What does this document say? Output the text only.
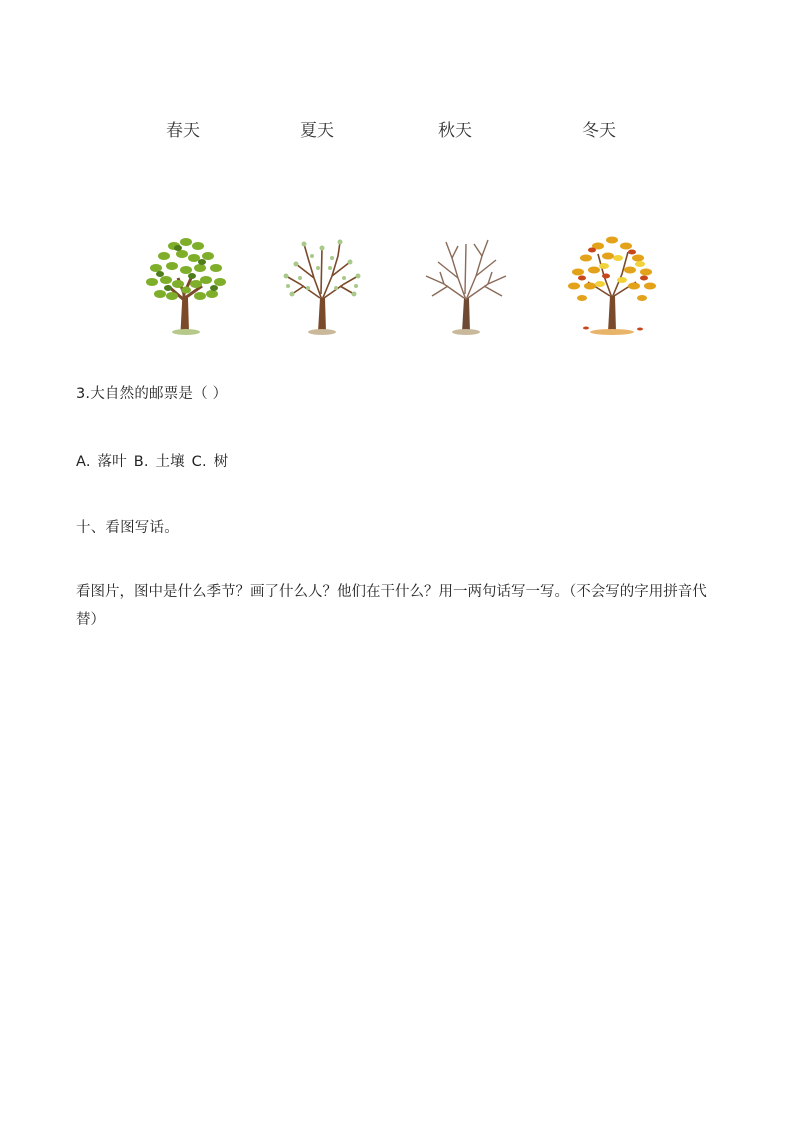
春天	夏天	秋天	冬天
3.大自然的邮票是（ ）
A. 落叶 B. 土壤 C. 树
十、看图写话。
看图片，图中是什么季节？画了什么人？他们在干什么？用一两句话写一写。（不会写的字用拼音代替）
